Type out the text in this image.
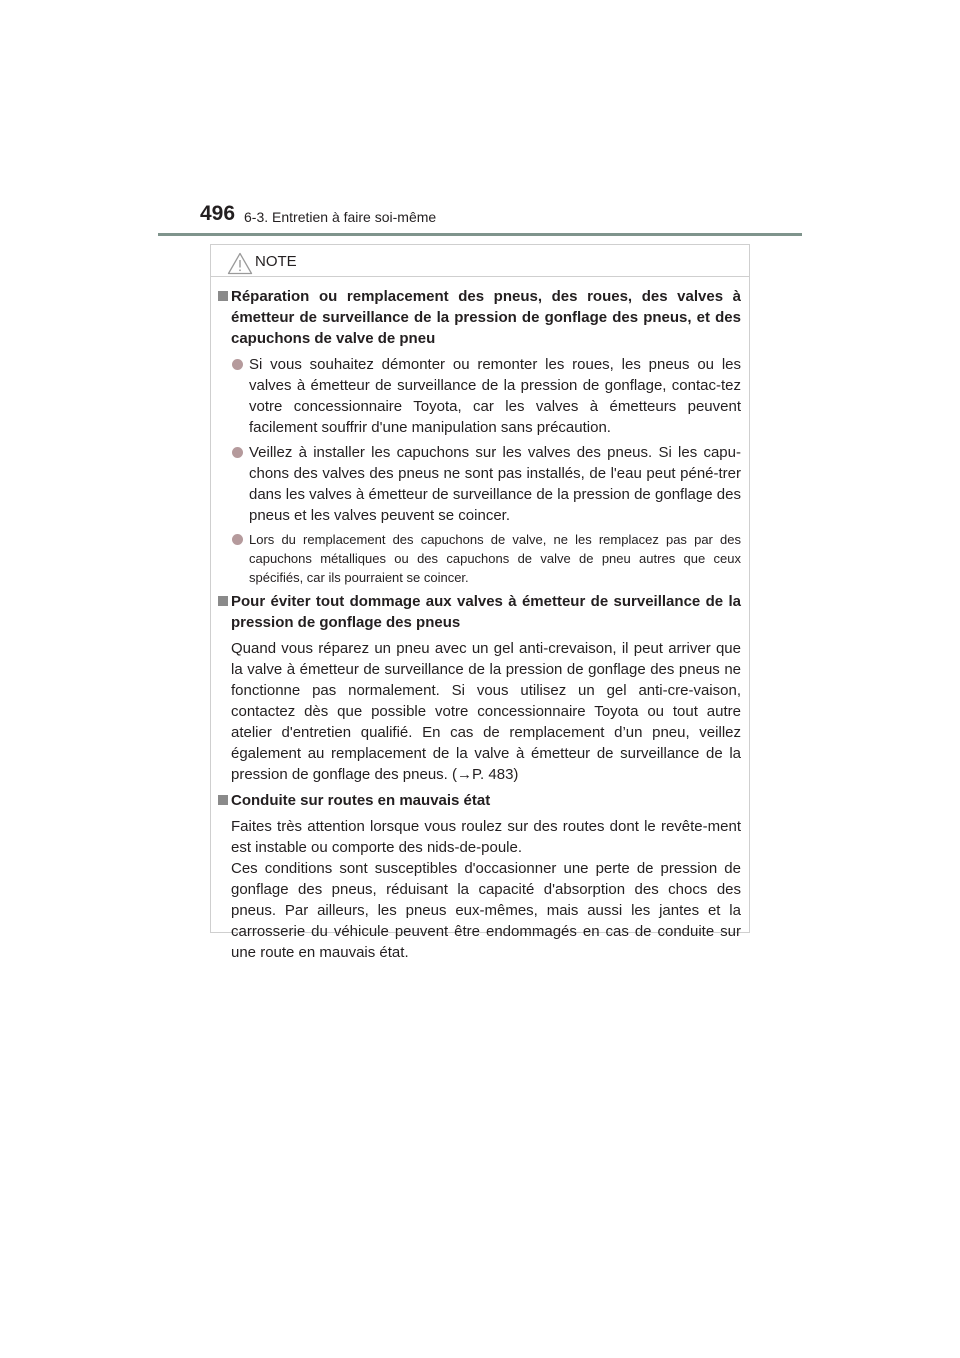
496 6-3. Entretien à faire soi-même
NOTE
Réparation ou remplacement des pneus, des roues, des valves à émetteur de surveillance de la pression de gonflage des pneus, et des capuchons de valve de pneu
Si vous souhaitez démonter ou remonter les roues, les pneus ou les valves à émetteur de surveillance de la pression de gonflage, contac-tez votre concessionnaire Toyota, car les valves à émetteurs peuvent facilement souffrir d'une manipulation sans précaution.
Veillez à installer les capuchons sur les valves des pneus. Si les capu-chons des valves des pneus ne sont pas installés, de l'eau peut péné-trer dans les valves à émetteur de surveillance de la pression de gonflage des pneus et les valves peuvent se coincer.
Lors du remplacement des capuchons de valve, ne les remplacez pas par des capuchons métalliques ou des capuchons de valve de pneu autres que ceux spécifiés, car ils pourraient se coincer.
Pour éviter tout dommage aux valves à émetteur de surveillance de la pression de gonflage des pneus
Quand vous réparez un pneu avec un gel anti-crevaison, il peut arriver que la valve à émetteur de surveillance de la pression de gonflage des pneus ne fonctionne pas normalement. Si vous utilisez un gel anti-cre-vaison, contactez dès que possible votre concessionnaire Toyota ou tout autre atelier d'entretien qualifié. En cas de remplacement d’un pneu, veillez également au remplacement de la valve à émetteur de surveillance de la pression de gonflage des pneus. (→P. 483)
Conduite sur routes en mauvais état
Faites très attention lorsque vous roulez sur des routes dont le revête-ment est instable ou comporte des nids-de-poule.
Ces conditions sont susceptibles d'occasionner une perte de pression de gonflage des pneus, réduisant la capacité d'absorption des chocs des pneus. Par ailleurs, les pneus eux-mêmes, mais aussi les jantes et la carrosserie du véhicule peuvent être endommagés en cas de conduite sur une route en mauvais état.
